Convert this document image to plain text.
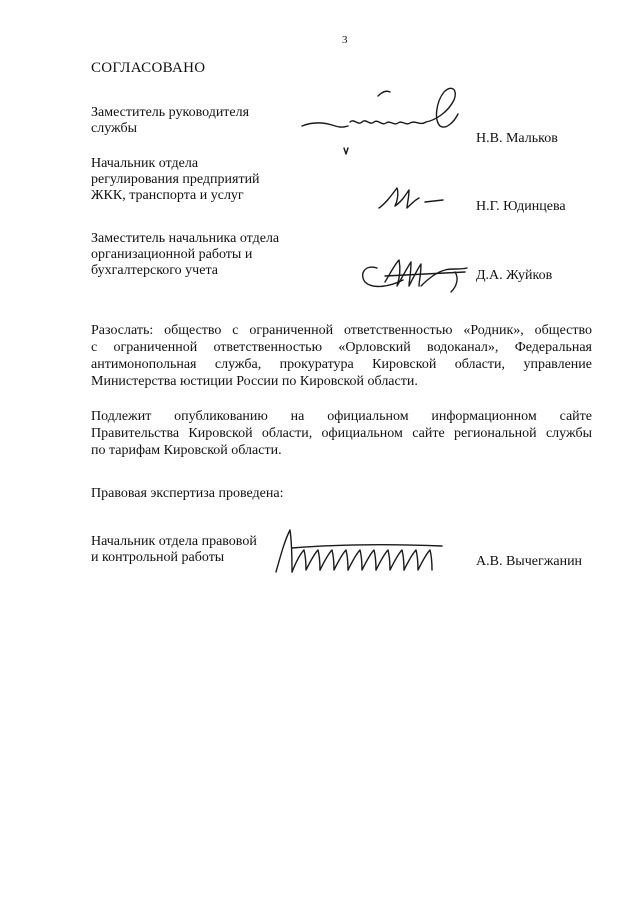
3
СОГЛАСОВАНО
Заместитель руководителя
службы
Н.В. Мальков
Начальник отдела
регулирования предприятий
ЖКК, транспорта и услуг
Н.Г. Юдинцева
Заместитель начальника отдела
организационной работы и
бухгалтерского учета	Д.А. Жуйков
Разослать: общество с ограниченной ответственностью «Родник», общество
с ограниченной ответственностью «Орловский водоканал», Федеральная
антимонопольная служба, прокуратура Кировской области, управление
Министерства юстиции России по Кировской области.
Подлежит опубликованию на официальном информационном сайте
Правительства Кировской области, официальном сайте региональной службы
по тарифам Кировской области.
Правовая экспертиза проведена:
Начальник отдела правовой
и контрольной работы	А.В. Вычегжанин
